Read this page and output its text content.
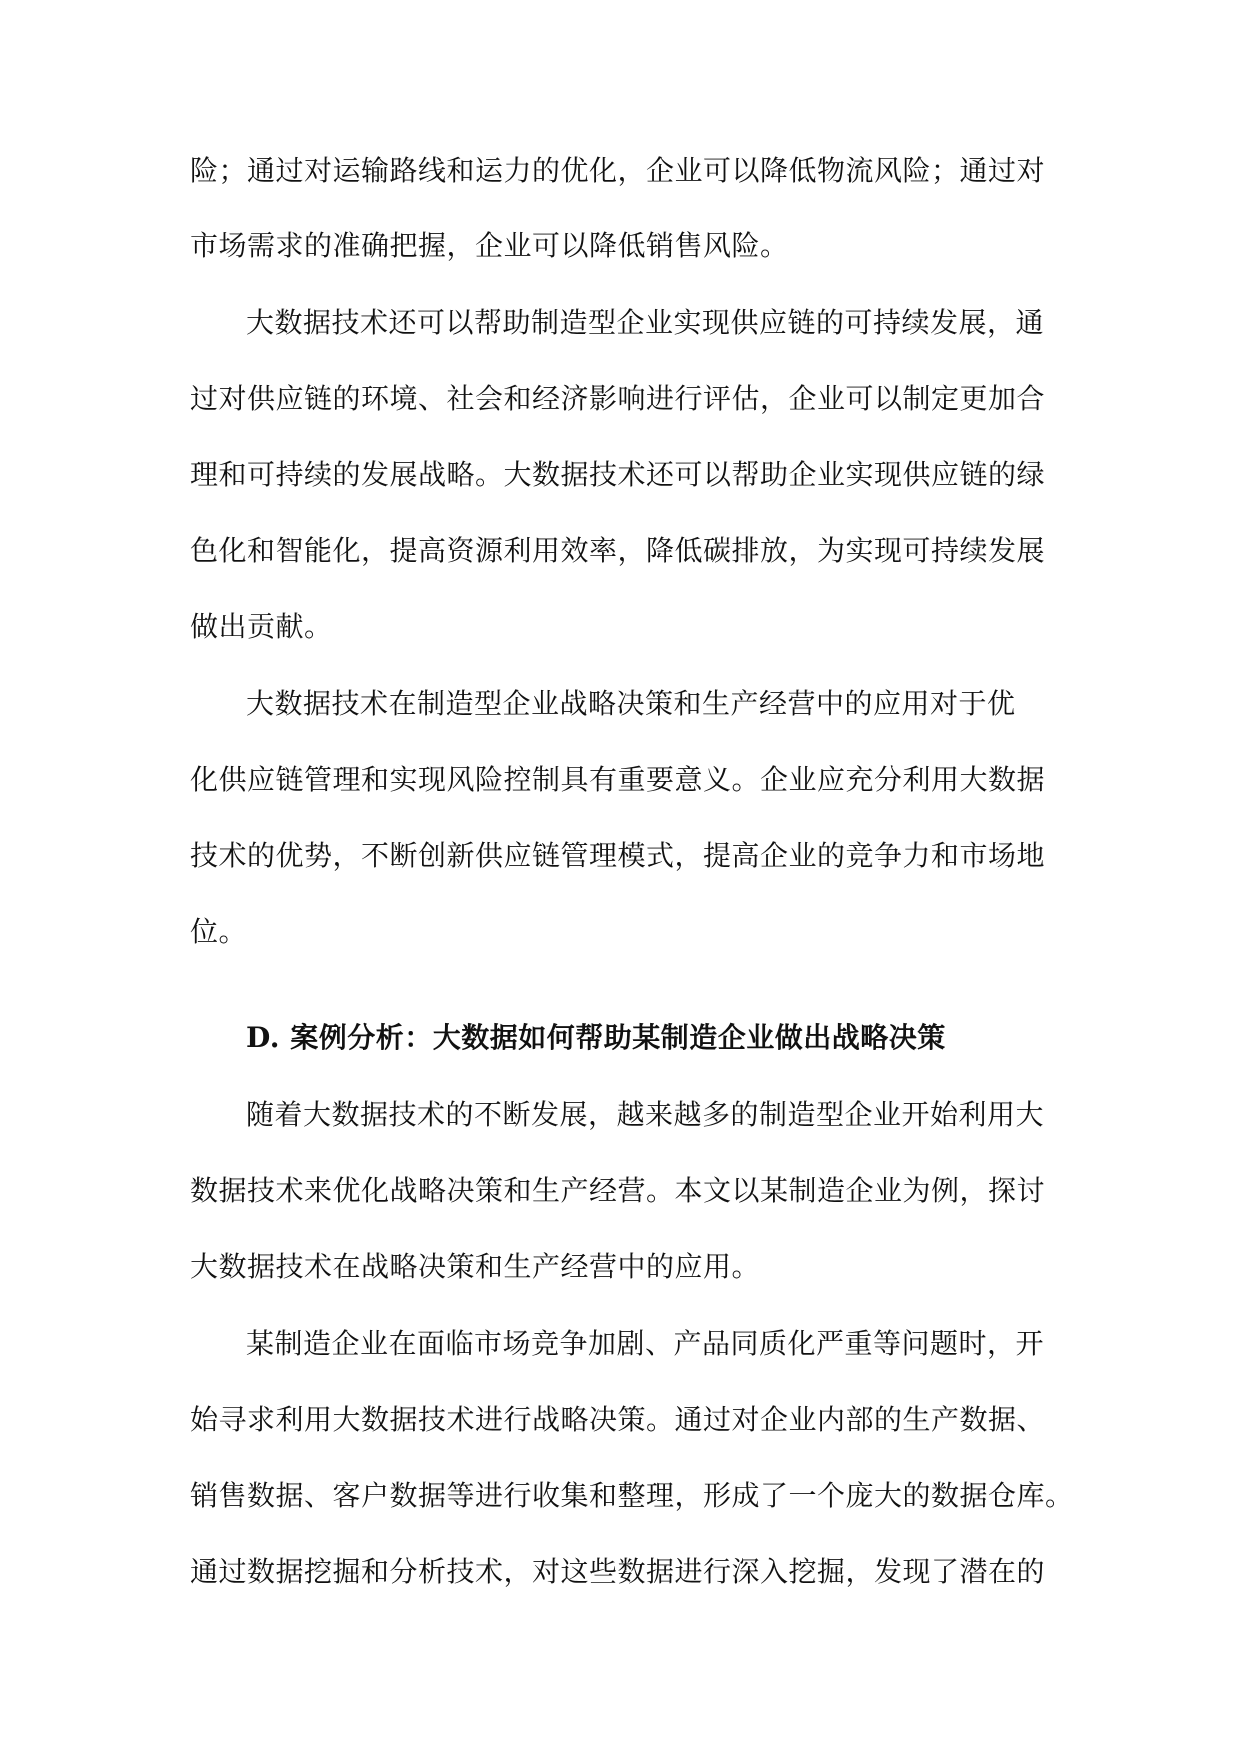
险；通过对运输路线和运力的优化，企业可以降低物流风险；通过对
市场需求的准确把握，企业可以降低销售风险。
大数据技术还可以帮助制造型企业实现供应链的可持续发展，通
过对供应链的环境、社会和经济影响进行评估，企业可以制定更加合
理和可持续的发展战略。大数据技术还可以帮助企业实现供应链的绿
色化和智能化，提高资源利用效率，降低碳排放，为实现可持续发展
做出贡献。
大数据技术在制造型企业战略决策和生产经营中的应用对于优
化供应链管理和实现风险控制具有重要意义。企业应充分利用大数据
技术的优势，不断创新供应链管理模式，提高企业的竞争力和市场地
位。
D. 案例分析：大数据如何帮助某制造企业做出战略决策
随着大数据技术的不断发展，越来越多的制造型企业开始利用大
数据技术来优化战略决策和生产经营。本文以某制造企业为例，探讨
大数据技术在战略决策和生产经营中的应用。
某制造企业在面临市场竞争加剧、产品同质化严重等问题时，开
始寻求利用大数据技术进行战略决策。通过对企业内部的生产数据、
销售数据、客户数据等进行收集和整理，形成了一个庞大的数据仓库。
通过数据挖掘和分析技术，对这些数据进行深入挖掘，发现了潜在的
